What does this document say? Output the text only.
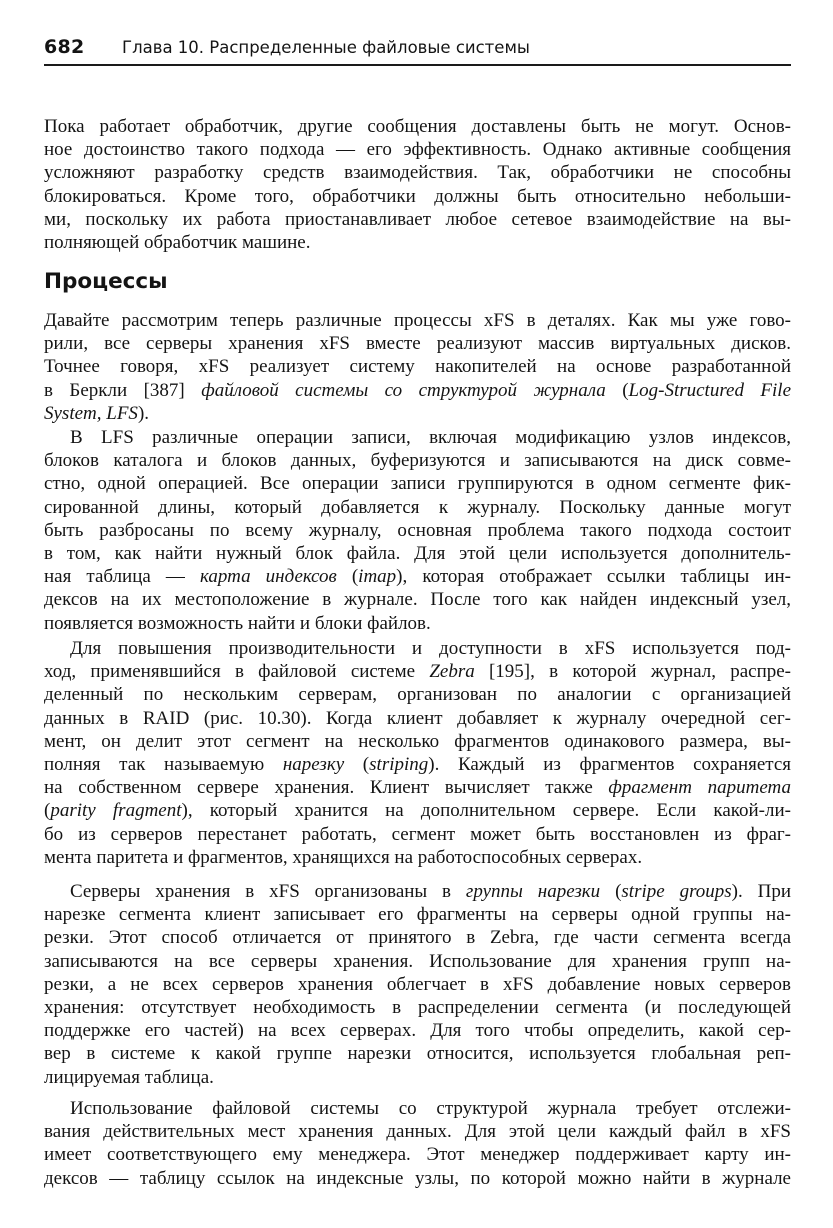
682 Глава 10. Распределенные файловые системы
Пока работает обработчик, другие сообщения доставлены быть не могут. Основ-
ное достоинство такого подхода — его эффективность. Однако активные сообщения
усложняют разработку средств взаимодействия. Так, обработчики не способны
блокироваться. Кроме того, обработчики должны быть относительно небольши-
ми, поскольку их работа приостанавливает любое сетевое взаимодействие на вы-
полняющей обработчик машине.
Процессы
Давайте рассмотрим теперь различные процессы xFS в деталях. Как мы уже гово-
рили, все серверы хранения xFS вместе реализуют массив виртуальных дисков.
Точнее говоря, xFS реализует систему накопителей на основе разработанной
в Беркли [387] файловой системы со структурой журнала (Log-Structured File
System, LFS).
В LFS различные операции записи, включая модификацию узлов индексов,
блоков каталога и блоков данных, буферизуются и записываются на диск совме-
стно, одной операцией. Все операции записи группируются в одном сегменте фик-
сированной длины, который добавляется к журналу. Поскольку данные могут
быть разбросаны по всему журналу, основная проблема такого подхода состоит
в том, как найти нужный блок файла. Для этой цели используется дополнитель-
ная таблица — карта индексов (imap), которая отображает ссылки таблицы ин-
дексов на их местоположение в журнале. После того как найден индексный узел,
появляется возможность найти и блоки файлов.
Для повышения производительности и доступности в xFS используется под-
ход, применявшийся в файловой системе Zebra [195], в которой журнал, распре-
деленный по нескольким серверам, организован по аналогии с организацией
данных в RAID (рис. 10.30). Когда клиент добавляет к журналу очередной сег-
мент, он делит этот сегмент на несколько фрагментов одинакового размера, вы-
полняя так называемую нарезку (striping). Каждый из фрагментов сохраняется
на собственном сервере хранения. Клиент вычисляет также фрагмент паритета
(parity fragment), который хранится на дополнительном сервере. Если какой-ли-
бо из серверов перестанет работать, сегмент может быть восстановлен из фраг-
мента паритета и фрагментов, хранящихся на работоспособных серверах.
Серверы хранения в xFS организованы в группы нарезки (stripe groups). При
нарезке сегмента клиент записывает его фрагменты на серверы одной группы на-
резки. Этот способ отличается от принятого в Zebra, где части сегмента всегда
записываются на все серверы хранения. Использование для хранения групп на-
резки, а не всех серверов хранения облегчает в xFS добавление новых серверов
хранения: отсутствует необходимость в распределении сегмента (и последующей
поддержке его частей) на всех серверах. Для того чтобы определить, какой сер-
вер в системе к какой группе нарезки относится, используется глобальная реп-
лицируемая таблица.
Использование файловой системы со структурой журнала требует отслежи-
вания действительных мест хранения данных. Для этой цели каждый файл в xFS
имеет соответствующего ему менеджера. Этот менеджер поддерживает карту ин-
дексов — таблицу ссылок на индексные узлы, по которой можно найти в журнале
